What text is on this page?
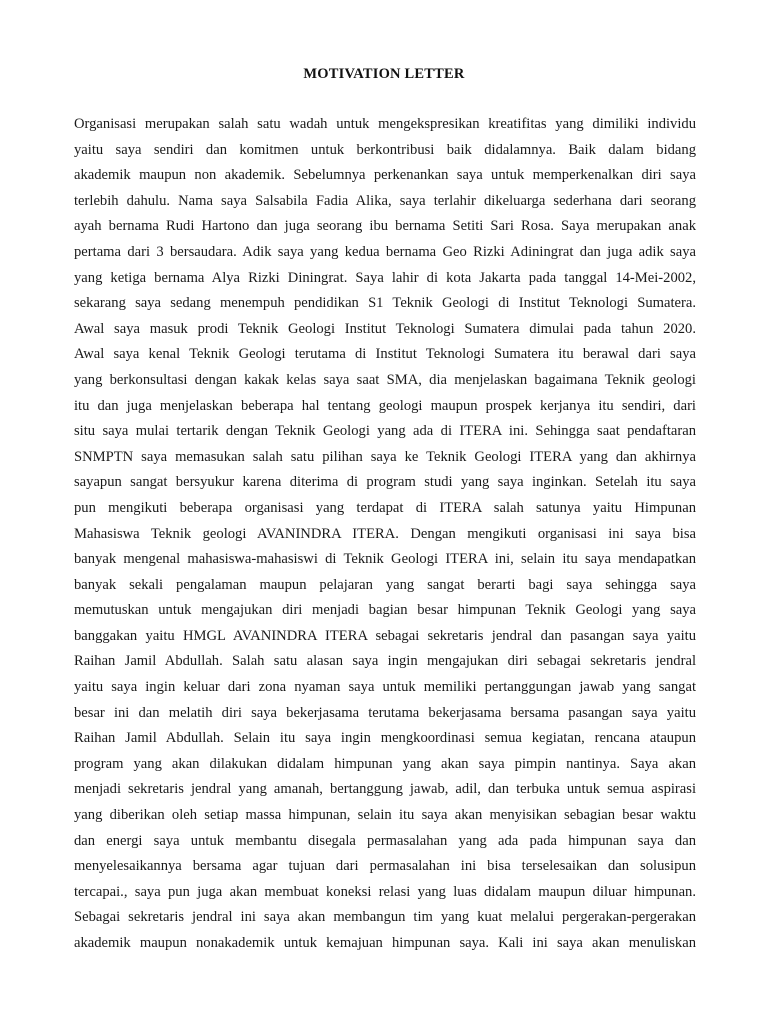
MOTIVATION LETTER
Organisasi merupakan salah satu wadah untuk mengekspresikan kreatifitas yang dimiliki individu
yaitu saya sendiri dan komitmen untuk berkontribusi baik didalamnya. Baik dalam bidang
akademik maupun non akademik. Sebelumnya perkenankan saya untuk memperkenalkan diri saya
terlebih dahulu. Nama saya Salsabila Fadia Alika, saya terlahir dikeluarga sederhana dari seorang
ayah bernama Rudi Hartono dan juga seorang ibu bernama Setiti Sari Rosa. Saya merupakan anak
pertama dari 3 bersaudara. Adik saya yang kedua bernama Geo Rizki Adiningrat dan juga adik saya
yang ketiga bernama Alya Rizki Diningrat. Saya lahir di kota Jakarta pada tanggal 14-Mei-2002,
sekarang saya sedang menempuh pendidikan S1 Teknik Geologi di Institut Teknologi Sumatera.
Awal saya masuk prodi Teknik Geologi Institut Teknologi Sumatera dimulai pada tahun 2020.
Awal saya kenal Teknik Geologi terutama di Institut Teknologi Sumatera itu berawal dari saya
yang berkonsultasi dengan kakak kelas saya saat SMA, dia menjelaskan bagaimana Teknik geologi
itu dan juga menjelaskan beberapa hal tentang geologi maupun prospek kerjanya itu sendiri, dari
situ saya mulai tertarik dengan Teknik Geologi yang ada di ITERA ini. Sehingga saat pendaftaran
SNMPTN saya memasukan salah satu pilihan saya ke Teknik Geologi ITERA yang dan akhirnya
sayapun sangat bersyukur karena diterima di program studi yang saya inginkan. Setelah itu saya
pun mengikuti beberapa organisasi yang terdapat di ITERA salah satunya yaitu Himpunan
Mahasiswa Teknik geologi AVANINDRA ITERA. Dengan mengikuti organisasi ini saya bisa
banyak mengenal mahasiswa-mahasiswi di Teknik Geologi ITERA ini, selain itu saya mendapatkan
banyak sekali pengalaman maupun pelajaran yang sangat berarti bagi saya sehingga saya
memutuskan untuk mengajukan diri menjadi bagian besar himpunan Teknik Geologi yang saya
banggakan yaitu HMGL AVANINDRA ITERA sebagai sekretaris jendral dan pasangan saya yaitu
Raihan Jamil Abdullah. Salah satu alasan saya ingin mengajukan diri sebagai sekretaris jendral
yaitu saya ingin keluar dari zona nyaman saya untuk memiliki pertanggungan jawab yang sangat
besar ini dan melatih diri saya bekerjasama terutama bekerjasama bersama pasangan saya yaitu
Raihan Jamil Abdullah. Selain itu saya ingin mengkoordinasi semua kegiatan, rencana ataupun
program yang akan dilakukan didalam himpunan yang akan saya pimpin nantinya. Saya akan
menjadi sekretaris jendral yang amanah, bertanggung jawab, adil, dan terbuka untuk semua aspirasi
yang diberikan oleh setiap massa himpunan, selain itu saya akan menyisikan sebagian besar waktu
dan energi saya untuk membantu disegala permasalahan yang ada pada himpunan saya dan
menyelesaikannya bersama agar tujuan dari permasalahan ini bisa terselesaikan dan solusipun
tercapai., saya pun juga akan membuat koneksi relasi yang luas didalam maupun diluar himpunan.
Sebagai sekretaris jendral ini saya akan membangun tim yang kuat melalui pergerakan-pergerakan
akademik maupun nonakademik untuk kemajuan himpunan saya. Kali ini saya akan menuliskan
